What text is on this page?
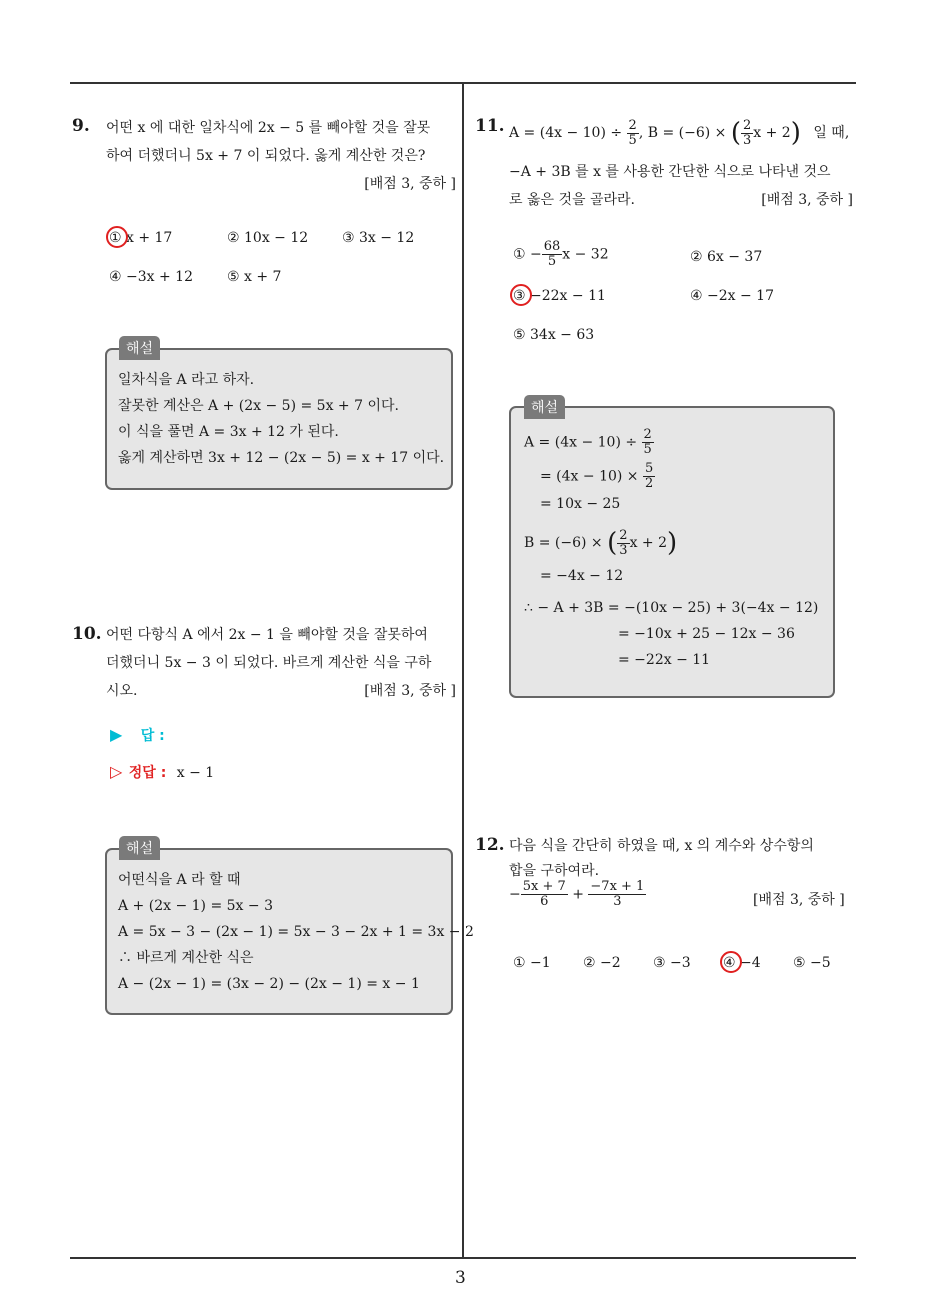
3
9. 어떤 x 에 대한 일차식에 2x − 5 를 빼야할 것을 잘못
하여 더했더니 5x + 7 이 되었다. 옳게 계산한 것은?
[배점 3, 중하 ]
① x + 17	② 10x − 12 ③ 3x − 12
④ −3x + 12 ⑤ x + 7
해설
일차식을 A 라고 하자.
잘못한 계산은 A + (2x − 5) = 5x + 7 이다.
이 식을 풀면 A = 3x + 12 가 된다.
옳게 계산하면 3x + 12 − (2x − 5) = x + 17 이다.
10. 어떤 다항식 A 에서 2x − 1 을 빼야할 것을 잘못하여
더했더니 5x − 3 이 되었다. 바르게 계산한 식을 구하
시오.	[배점 3, 중하 ]
▶ 답 :
▷ 정답 : x − 1
해설
어떤식을 A 라 할 때
A + (2x − 1) = 5x − 3
A = 5x − 3 − (2x − 1) = 5x − 3 − 2x + 1 = 3x − 2
∴ 바르게 계산한 식은
A − (2x − 1) = (3x − 2) − (2x − 1) = x − 1
11. $A = (4x - 10) \div \frac{2}{5}$ , B = (−6) × ( $\frac{2}{3}$ x + 2) 일 때,
−A + 3B 를 x 를 사용한 간단한 식으로 나타낸 것으
로 옳은 것을 골라라.	[배점 3, 중하 ]
① − $\frac{68}{5}$ x − 32	② 6x − 37
③ −22x − 11	④ −2x − 17
⑤ 34x − 63
해설
$A = (4x - 10) \div \frac{2}{5}$
= $(4x - 10) \times \frac{5}{2}$
= 10x − 25
B = (−6) × ( $\frac{2}{3}$ x + 2)
= −4x − 12
∴ − A + 3B = −(10x − 25) + 3(−4x − 12)
= −10x + 25 − 12x − 36
= −22x − 11
12. 다음 식을 간단히 하였을 때, x 의 계수와 상수항의
합을 구하여라.
− $\frac{5x + 7}{6} + \frac{-7x + 1}{3}$	[배점 3, 중하 ]
① −1 ② −2 ③ −3 ④ −4 ⑤ −5
